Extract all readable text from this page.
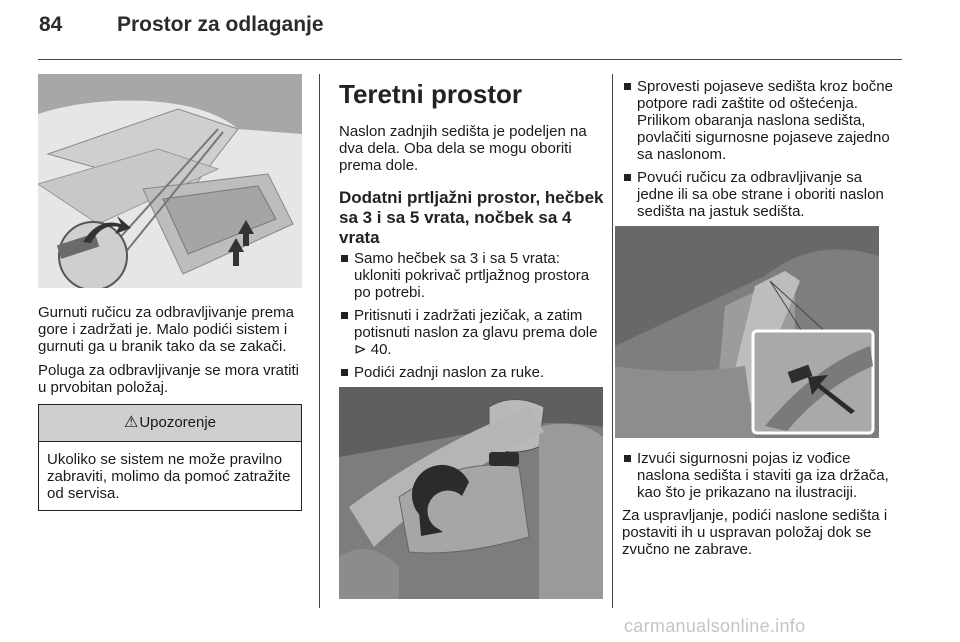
84	Prostor za odlaganje

Gurnuti ručicu za odbravljivanje prema gore i zadržati je. Malo podići sistem i gurnuti ga u branik tako da se zakači.

Poluga za odbravljivanje se mora vratiti u prvobitan položaj.

⚠Upozorenje
Ukoliko se sistem ne može pravilno zabraviti, molimo da pomoć zatražite od servisa.
Teretni prostor

Naslon zadnjih sedišta je podeljen na dva dela. Oba dela se mogu oboriti prema dole.

Dodatni prtljažni prostor, hečbek sa 3 i sa 5 vrata, nočbek sa 4 vrata
Samo hečbek sa 3 i sa 5 vrata: ukloniti pokrivač prtljažnog prostora po potrebi.
Pritisnuti i zadržati jezičak, a zatim potisnuti naslon za glavu prema dole ⊳ 40.
Podići zadnji naslon za ruke.
Sprovesti pojaseve sedišta kroz bočne potpore radi zaštite od oštećenja. Prilikom obaranja naslona sedišta, povlačiti sigurnosne pojaseve zajedno sa naslonom.
Povući ručicu za odbravljivanje sa jedne ili sa obe strane i oboriti naslon sedišta na jastuk sedišta.
Izvući sigurnosni pojas iz vođice naslona sedišta i staviti ga iza držača, kao što je prikazano na ilustraciji.

Za uspravljanje, podići naslone sedišta i postaviti ih u uspravan položaj dok se zvučno ne zabrave.

carmanualsonline.info
